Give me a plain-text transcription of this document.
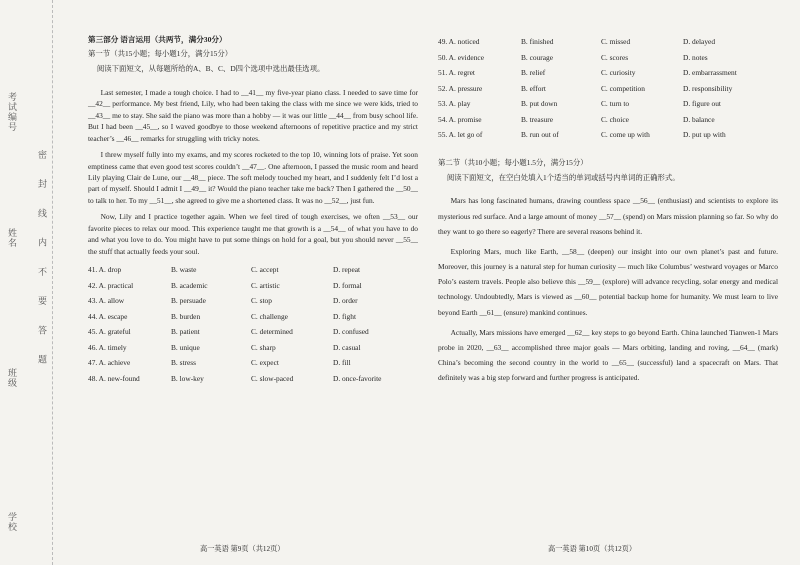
考试编号
密 封 线 内 不 要 答 题
姓名
班级
学校
第三部分 语言运用（共两节，满分30分）
第一节（共15小题；每小题1分，满分15分）
阅读下面短文，从每题所给的A、B、C、D四个选项中选出最佳选项。

Last semester, I made a tough choice. I had to __41__ my five-year piano class. I needed to save time for __42__ performance. My best friend, Lily, who had been taking the class with me since we were kids, tried to __43__ me to stay. She said the piano was more than a hobby — it was our little __44__ from busy school life. But I had been __45__, so I waved goodbye to those weekend afternoons of repetitive practice and my strict teacher’s __46__ remarks for struggling with tricky notes.

I threw myself fully into my exams, and my scores rocketed to the top 10, winning lots of praise. Yet soon emptiness came that even good test scores couldn’t __47__. One afternoon, I passed the music room and heard Lily playing Clair de Lune, our __48__ piece. The soft melody touched my heart, and I suddenly felt I’d lost a part of myself. Should I admit I __49__ it? Would the piano teacher take me back? Then I gathered the __50__ to talk to her. To my __51__, she agreed to give me a shortened class. It was no __52__, just fun.

Now, Lily and I practice together again. When we feel tired of tough exercises, we often __53__ our favorite pieces to relax our mood. This experience taught me that growth is a __54__ of what you have to do and what you love to do. You might have to put some things on hold for a goal, but you should never __55__ the stuff that actually feeds your soul.

41. A. drop	B. waste	C. accept	D. repeat
42. A. practical	B. academic	C. artistic	D. formal
43. A. allow	B. persuade	C. stop	D. order
44. A. escape	B. burden	C. challenge	D. fight
45. A. grateful	B. patient	C. determined	D. confused
46. A. timely	B. unique	C. sharp	D. casual
47. A. achieve	B. stress	C. expect	D. fill
48. A. new-found	B. low-key	C. slow-paced	D. once-favorite
高一英语 第9页（共12页）
49. A. noticed	B. finished	C. missed	D. delayed
50. A. evidence	B. courage	C. scores	D. notes
51. A. regret	B. relief	C. curiosity	D. embarrassment
52. A. pressure	B. effort	C. competition	D. responsibility
53. A. play	B. put down	C. turn to	D. figure out
54. A. promise	B. treasure	C. choice	D. balance
55. A. let go of	B. run out of	C. come up with	D. put up with
第二节（共10小题；每小题1.5分，满分15分）
阅读下面短文，在空白处填入1个适当的单词或括号内单词的正确形式。

Mars has long fascinated humans, drawing countless space __56__ (enthusiast) and scientists to explore its mysterious red surface. And a large amount of money __57__ (spend) on Mars mission planning so far. So why do they want to go there so eagerly? There are several reasons behind it.

Exploring Mars, much like Earth, __58__ (deepen) our insight into our own planet’s past and future. Moreover, this journey is a natural step for human curiosity — much like Columbus’ westward voyages or Marco Polo’s eastern travels. People also believe this __59__ (explore) will advance recycling, solar energy and medical technology. Undoubtedly, Mars is viewed as __60__ potential backup home for humanity. We must learn to live beyond Earth __61__ (ensure) mankind continues.

Actually, Mars missions have emerged __62__ key steps to go beyond Earth. China launched Tianwen-1 Mars probe in 2020, __63__ accomplished three major goals — Mars orbiting, landing and roving, __64__ (mark) China’s becoming the second country in the world to __65__ (successful) land a spacecraft on Mars. That definitely was a big step forward and further progress is anticipated.

高一英语 第10页（共12页）
